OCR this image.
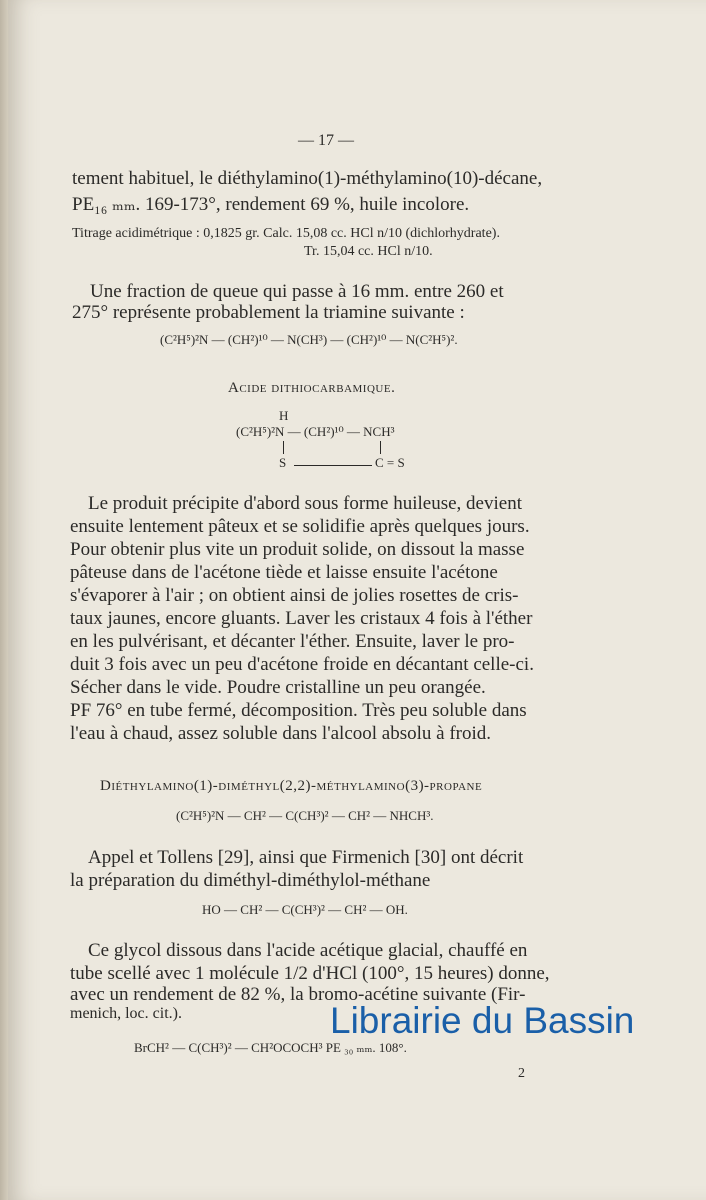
— 17 —
tement habituel, le diéthylamino(1)-méthylamino(10)-décane,
PE₁₆ ₘₘ. 169-173°, rendement 69 %, huile incolore.
Titrage acidimétrique : 0,1825 gr. Calc. 15,08 cc. HCl n/10 (dichlorhydrate).
Tr. 15,04 cc. HCl n/10.
Une fraction de queue qui passe à 16 mm. entre 260 et
275° représente probablement la triamine suivante :
(C²H⁵)²N — (CH²)¹⁰ — N(CH³) — (CH²)¹⁰ — N(C²H⁵)².
Acide dithiocarbamique.
H
(C²H⁵)²N — (CH²)¹⁰ — NCH³
S	C = S
Le produit précipite d'abord sous forme huileuse, devient
ensuite lentement pâteux et se solidifie après quelques jours.
Pour obtenir plus vite un produit solide, on dissout la masse
pâteuse dans de l'acétone tiède et laisse ensuite l'acétone
s'évaporer à l'air ; on obtient ainsi de jolies rosettes de cris-
taux jaunes, encore gluants. Laver les cristaux 4 fois à l'éther
en les pulvérisant, et décanter l'éther. Ensuite, laver le pro-
duit 3 fois avec un peu d'acétone froide en décantant celle-ci.
Sécher dans le vide. Poudre cristalline un peu orangée.
PF 76° en tube fermé, décomposition. Très peu soluble dans
l'eau à chaud, assez soluble dans l'alcool absolu à froid.
Diéthylamino(1)-diméthyl(2,2)-méthylamino(3)-propane
(C²H⁵)²N — CH² — C(CH³)² — CH² — NHCH³.
Appel et Tollens [29], ainsi que Firmenich [30] ont décrit
la préparation du diméthyl-diméthylol-méthane
HO — CH² — C(CH³)² — CH² — OH.
Ce glycol dissous dans l'acide acétique glacial, chauffé en
tube scellé avec 1 molécule 1/2 d'HCl (100°, 15 heures) donne,
avec un rendement de 82 %, la bromo-acétine suivante (Fir-
menich, loc. cit.).
BrCH² — C(CH³)² — CH²OCOCH³ PE ₃₀ ₘₘ. 108°.
2
Librairie du Bassin
